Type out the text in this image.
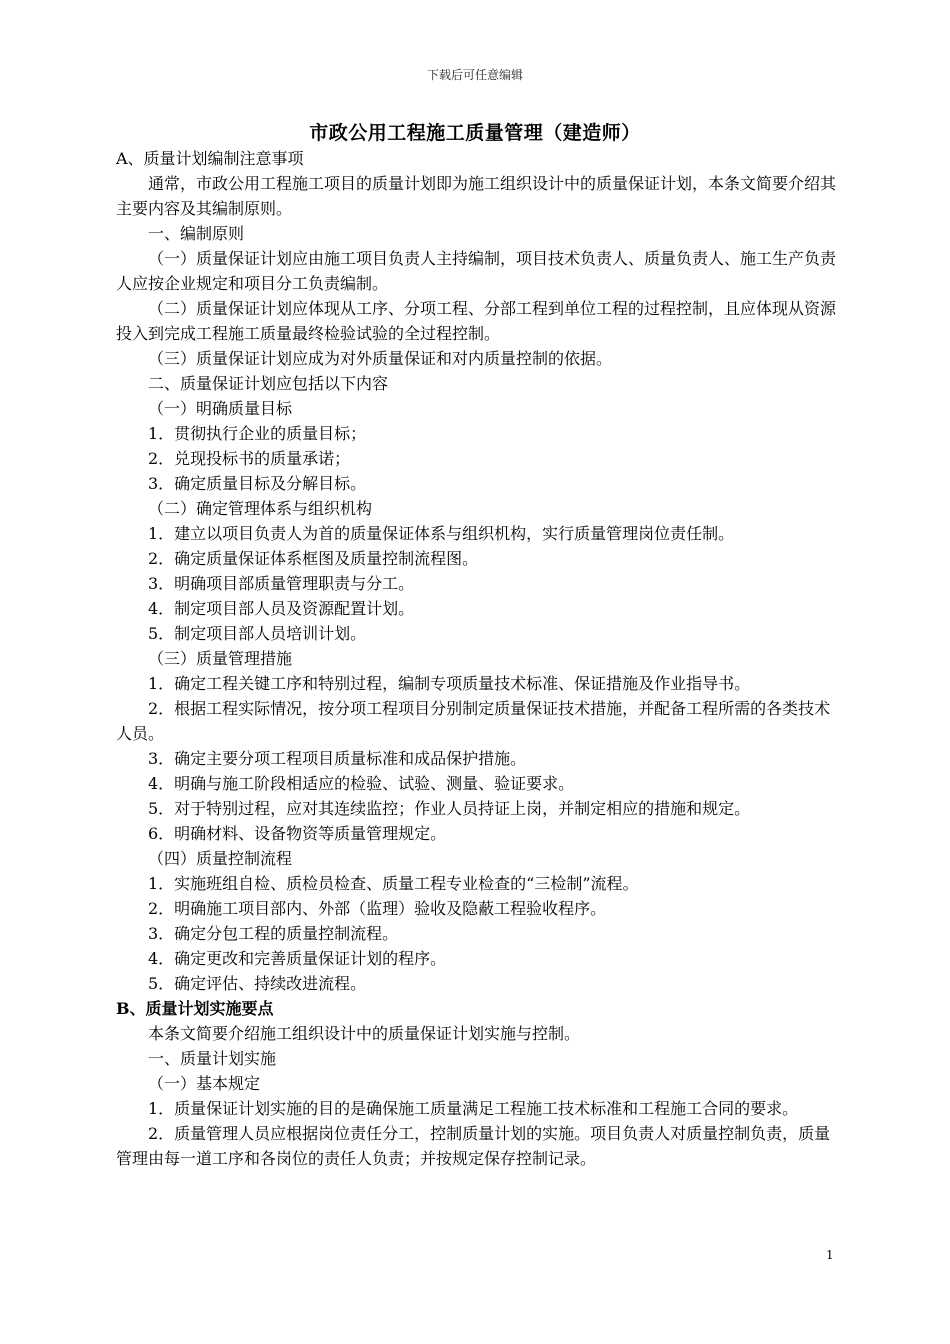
下载后可任意编辑
市政公用工程施工质量管理（建造师）

A、质量计划编制注意事项

通常，市政公用工程施工项目的质量计划即为施工组织设计中的质量保证计划，本条文简要介绍其主要内容及其编制原则。

一、编制原则

（一）质量保证计划应由施工项目负责人主持编制，项目技术负责人、质量负责人、施工生产负责人应按企业规定和项目分工负责编制。

（二）质量保证计划应体现从工序、分项工程、分部工程到单位工程的过程控制，且应体现从资源投入到完成工程施工质量最终检验试验的全过程控制。

（三）质量保证计划应成为对外质量保证和对内质量控制的依据。

二、质量保证计划应包括以下内容

（一）明确质量目标

1．贯彻执行企业的质量目标；

2．兑现投标书的质量承诺；

3．确定质量目标及分解目标。

（二）确定管理体系与组织机构

1．建立以项目负责人为首的质量保证体系与组织机构，实行质量管理岗位责任制。

2．确定质量保证体系框图及质量控制流程图。

3．明确项目部质量管理职责与分工。

4．制定项目部人员及资源配置计划。

5．制定项目部人员培训计划。

（三）质量管理措施

1．确定工程关键工序和特别过程，编制专项质量技术标准、保证措施及作业指导书。

2．根据工程实际情况，按分项工程项目分别制定质量保证技术措施，并配备工程所需的各类技术人员。

3．确定主要分项工程项目质量标准和成品保护措施。

4．明确与施工阶段相适应的检验、试验、测量、验证要求。

5．对于特别过程，应对其连续监控；作业人员持证上岗，并制定相应的措施和规定。

6．明确材料、设备物资等质量管理规定。

（四）质量控制流程

1．实施班组自检、质检员检查、质量工程专业检查的“三检制”流程。

2．明确施工项目部内、外部（监理）验收及隐蔽工程验收程序。

3．确定分包工程的质量控制流程。

4．确定更改和完善质量保证计划的程序。

5．确定评估、持续改进流程。

B、质量计划实施要点

本条文简要介绍施工组织设计中的质量保证计划实施与控制。

一、质量计划实施

（一）基本规定

1．质量保证计划实施的目的是确保施工质量满足工程施工技术标准和工程施工合同的要求。

2．质量管理人员应根据岗位责任分工，控制质量计划的实施。项目负责人对质量控制负责，质量管理由每一道工序和各岗位的责任人负责；并按规定保存控制记录。

1
